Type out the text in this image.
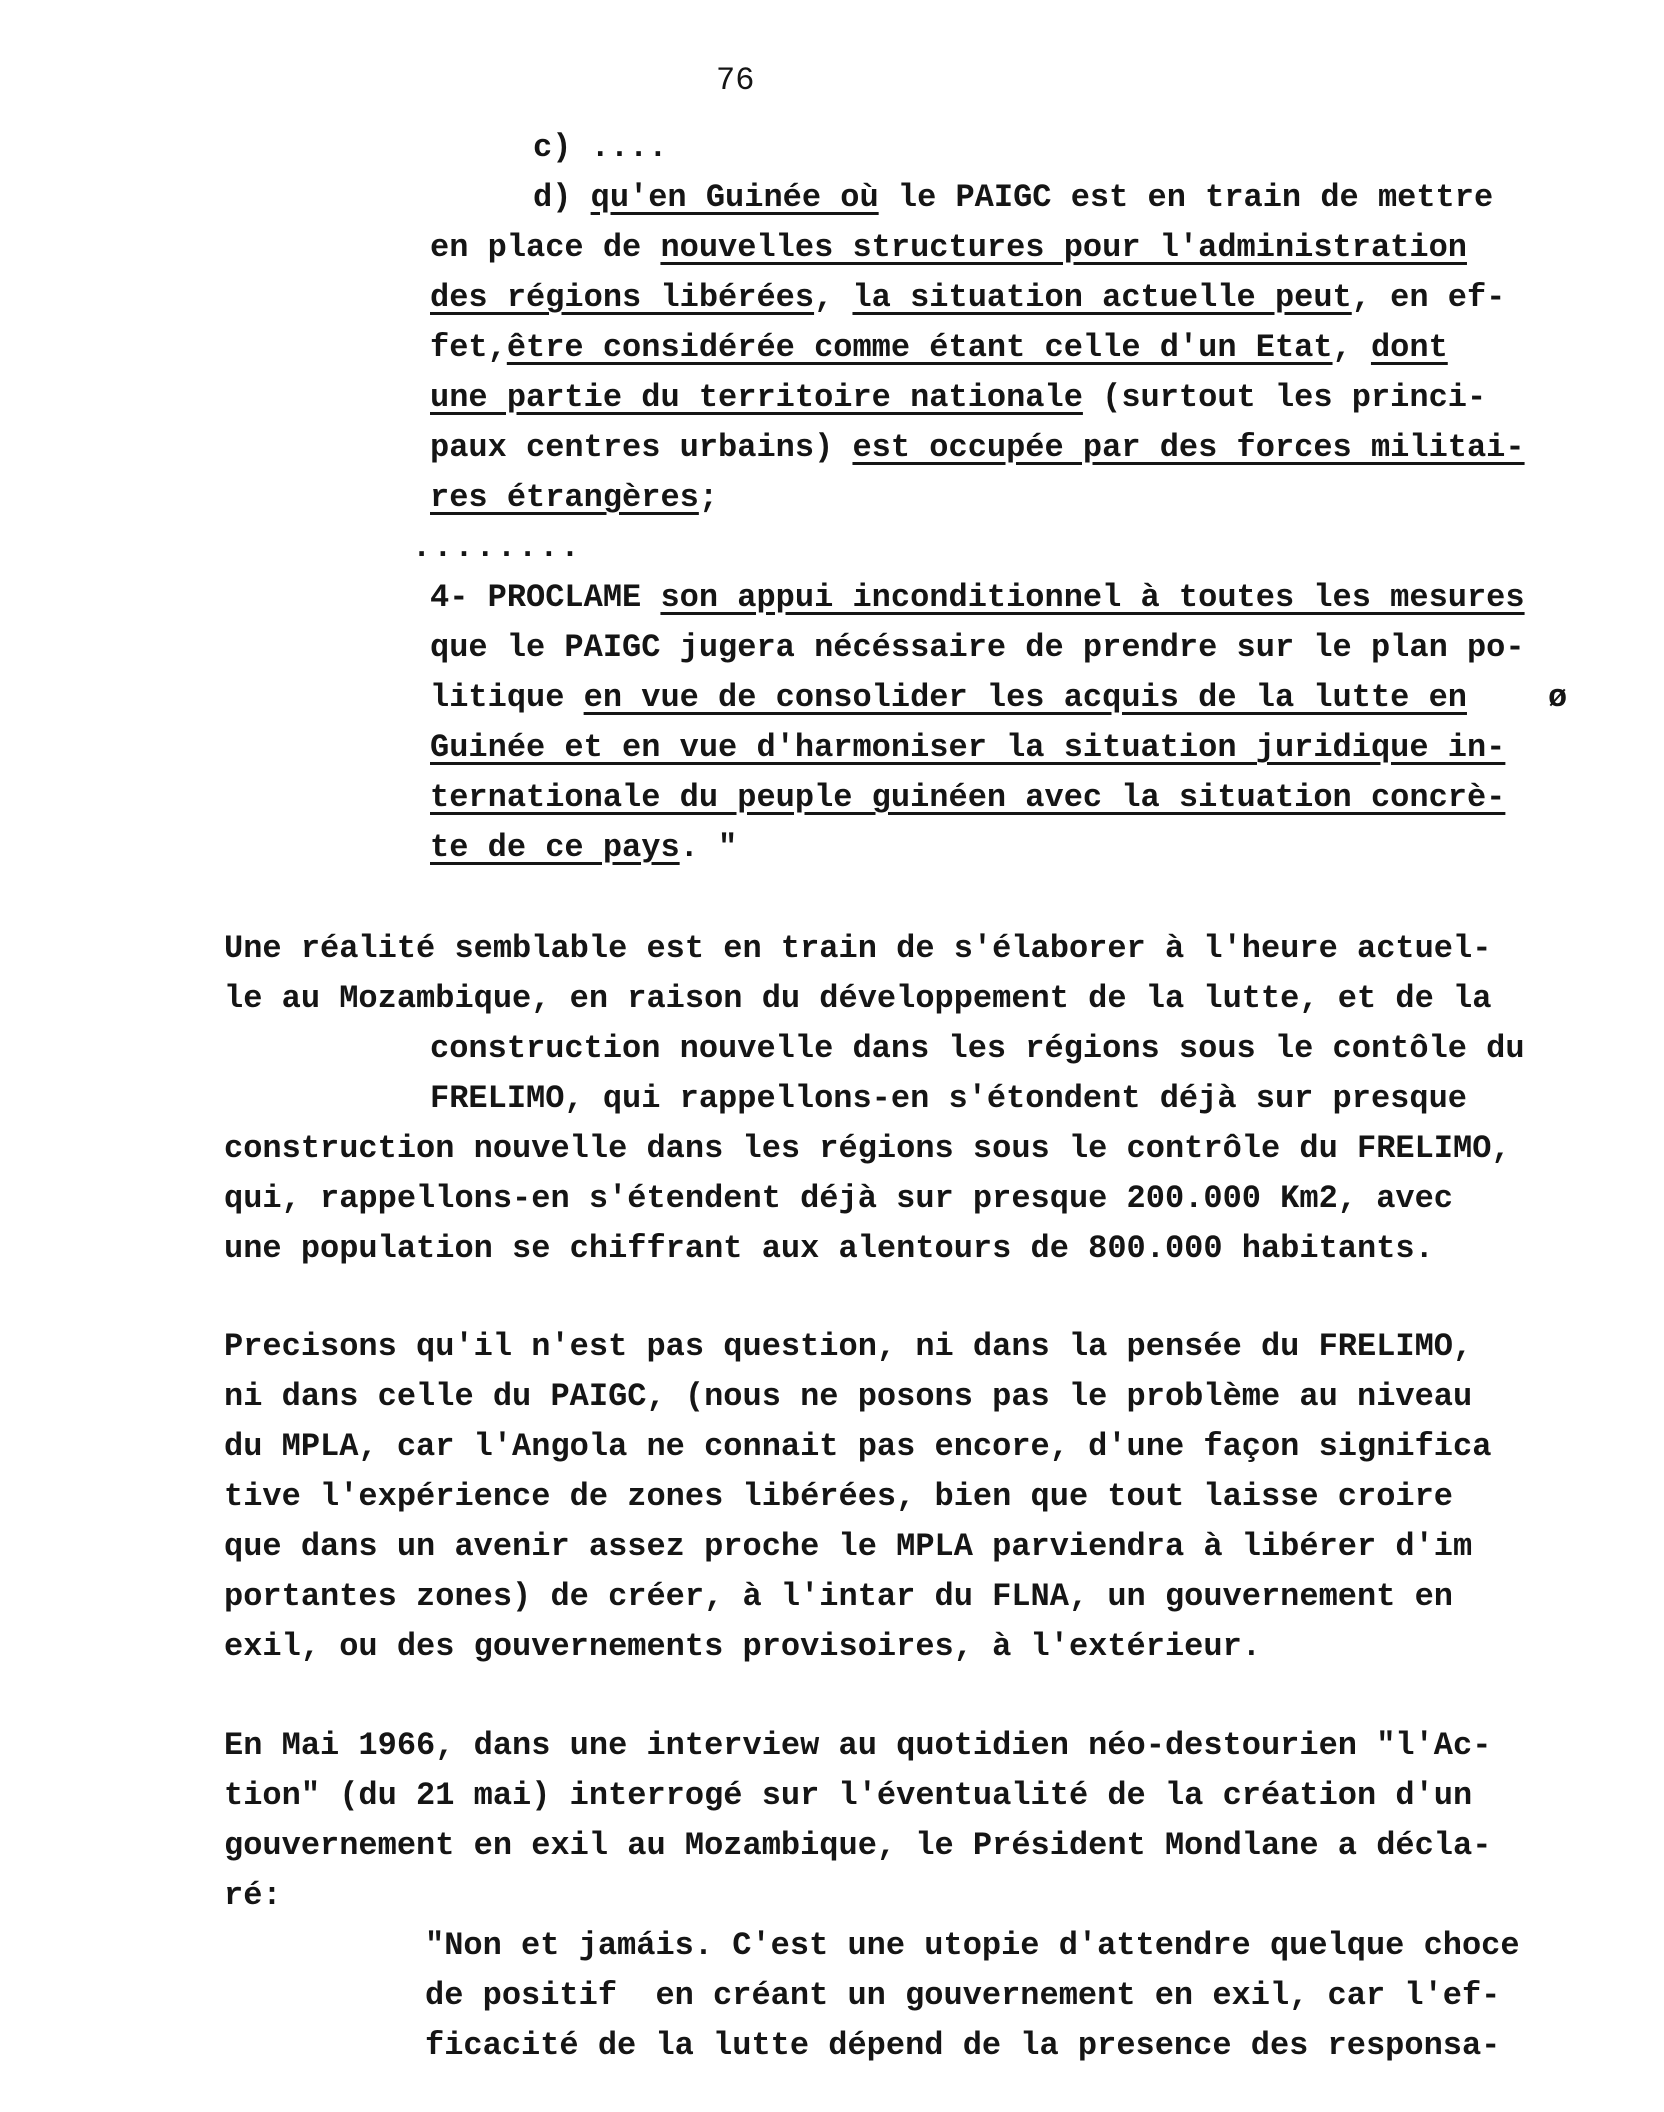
76
c) ....
d) qu'en Guinée où le PAIGC est en train de mettre
en place de nouvelles structures pour l'administration
des régions libérées, la situation actuelle peut, en ef-
fet,être considérée comme étant celle d'un Etat, dont
une partie du territoire nationale (surtout les princi-
paux centres urbains) est occupée par des forces militai-
res étrangères;
........
4- PROCLAME son appui inconditionnel à toutes les mesures
que le PAIGC jugera nécéssaire de prendre sur le plan po-
litique en vue de consolider les acquis de la lutte en	ø
Guinée et en vue d'harmoniser la situation juridique in-
ternationale du peuple guinéen avec la situation concrè-
te de ce pays. "
Une réalité semblable est en train de s'élaborer à l'heure actuel-
le au Mozambique, en raison du développement de la lutte, et de la
construction nouvelle dans les régions sous le contôle du
FRELIMO, qui rappellons-en s'étondent déjà sur presque
construction nouvelle dans les régions sous le contrôle du FRELIMO,
qui, rappellons-en s'étendent déjà sur presque 200.000 Km2, avec
une population se chiffrant aux alentours de 800.000 habitants.
Precisons qu'il n'est pas question, ni dans la pensée du FRELIMO,
ni dans celle du PAIGC, (nous ne posons pas le problème au niveau
du MPLA, car l'Angola ne connait pas encore, d'une façon significa
tive l'expérience de zones libérées, bien que tout laisse croire
que dans un avenir assez proche le MPLA parviendra à libérer d'im
portantes zones) de créer, à l'intar du FLNA, un gouvernement en
exil, ou des gouvernements provisoires, à l'extérieur.
En Mai 1966, dans une interview au quotidien néo-destourien "l'Ac-
tion" (du 21 mai) interrogé sur l'éventualité de la création d'un
gouvernement en exil au Mozambique, le Président Mondlane a décla-
ré:
"Non et jamáis. C'est une utopie d'attendre quelque choce
de positif  en créant un gouvernement en exil, car l'ef-
ficacité de la lutte dépend de la presence des responsa-
